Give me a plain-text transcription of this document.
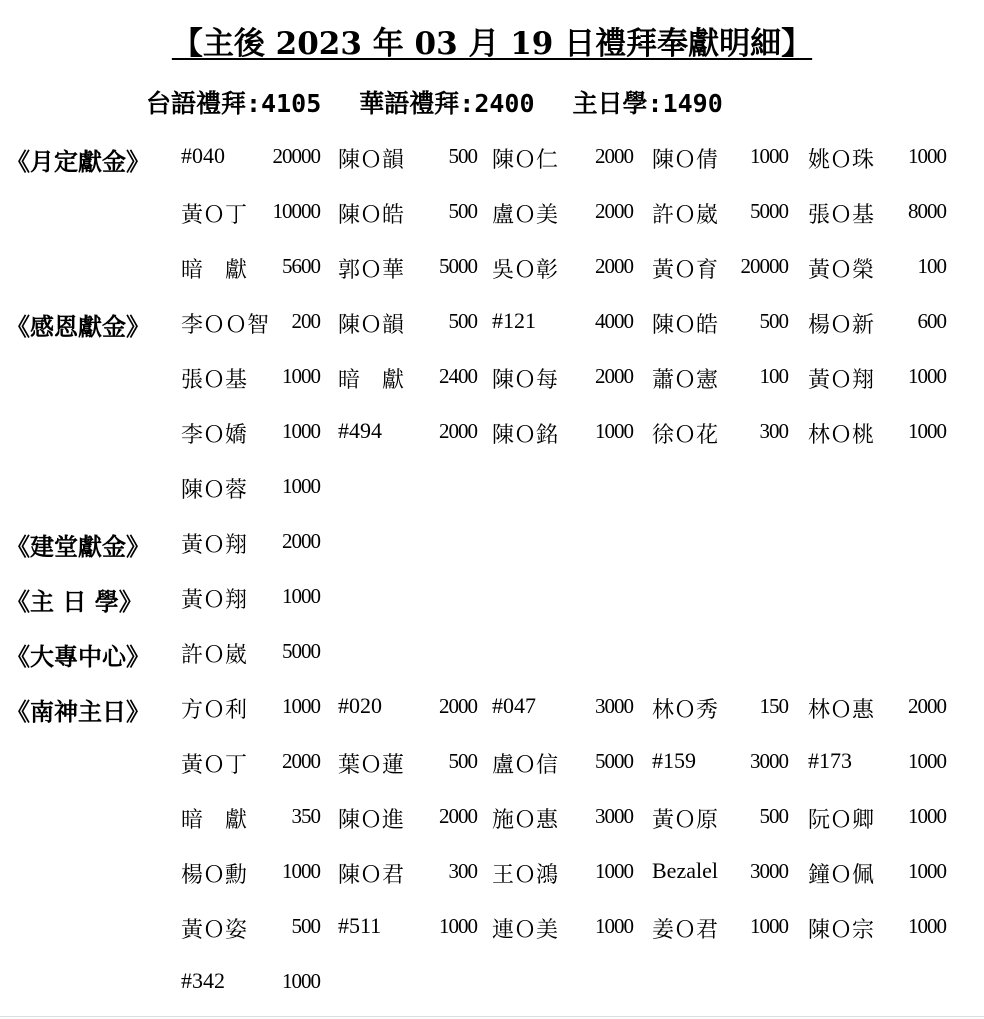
【主後 2023 年 03 月 19 日禮拜奉獻明細】
台語禮拜:4105 華語禮拜:2400 主日學:1490
《月定獻金》 #040	20000 陳Ｏ韻	500 陳Ｏ仁	2000 陳Ｏ倩	1000 姚Ｏ珠	1000
黃Ｏ丁	10000 陳Ｏ皓	500 盧Ｏ美	2000 許Ｏ崴	5000 張Ｏ基	8000
暗　獻	5600 郭Ｏ華	5000 吳Ｏ彰	2000 黃Ｏ育	20000 黃Ｏ榮	100
《感恩獻金》 李ＯＯ智	200 陳Ｏ韻	500 #121	4000 陳Ｏ皓	500 楊Ｏ新	600
張Ｏ基	1000 暗　獻	2400 陳Ｏ每	2000 蕭Ｏ憲	100 黃Ｏ翔	1000
李Ｏ嬌	1000 #494	2000 陳Ｏ銘	1000 徐Ｏ花	300 林Ｏ桃	1000
陳Ｏ蓉	1000
《建堂獻金》 黃Ｏ翔	2000
《主 日 學》 黃Ｏ翔	1000
《大專中心》 許Ｏ崴	5000
《南神主日》 方Ｏ利	1000 #020	2000 #047	3000 林Ｏ秀	150 林Ｏ惠	2000
黃Ｏ丁	2000 葉Ｏ蓮	500 盧Ｏ信	5000 #159	3000 #173	1000
暗　獻	350 陳Ｏ進	2000 施Ｏ惠	3000 黃Ｏ原	500 阮Ｏ卿	1000
楊Ｏ勳	1000 陳Ｏ君	300 王Ｏ鴻	1000 Bezalel	3000 鐘Ｏ佩	1000
黃Ｏ姿	500 #511	1000 連Ｏ美	1000 姜Ｏ君	1000 陳Ｏ宗	1000
#342	1000
